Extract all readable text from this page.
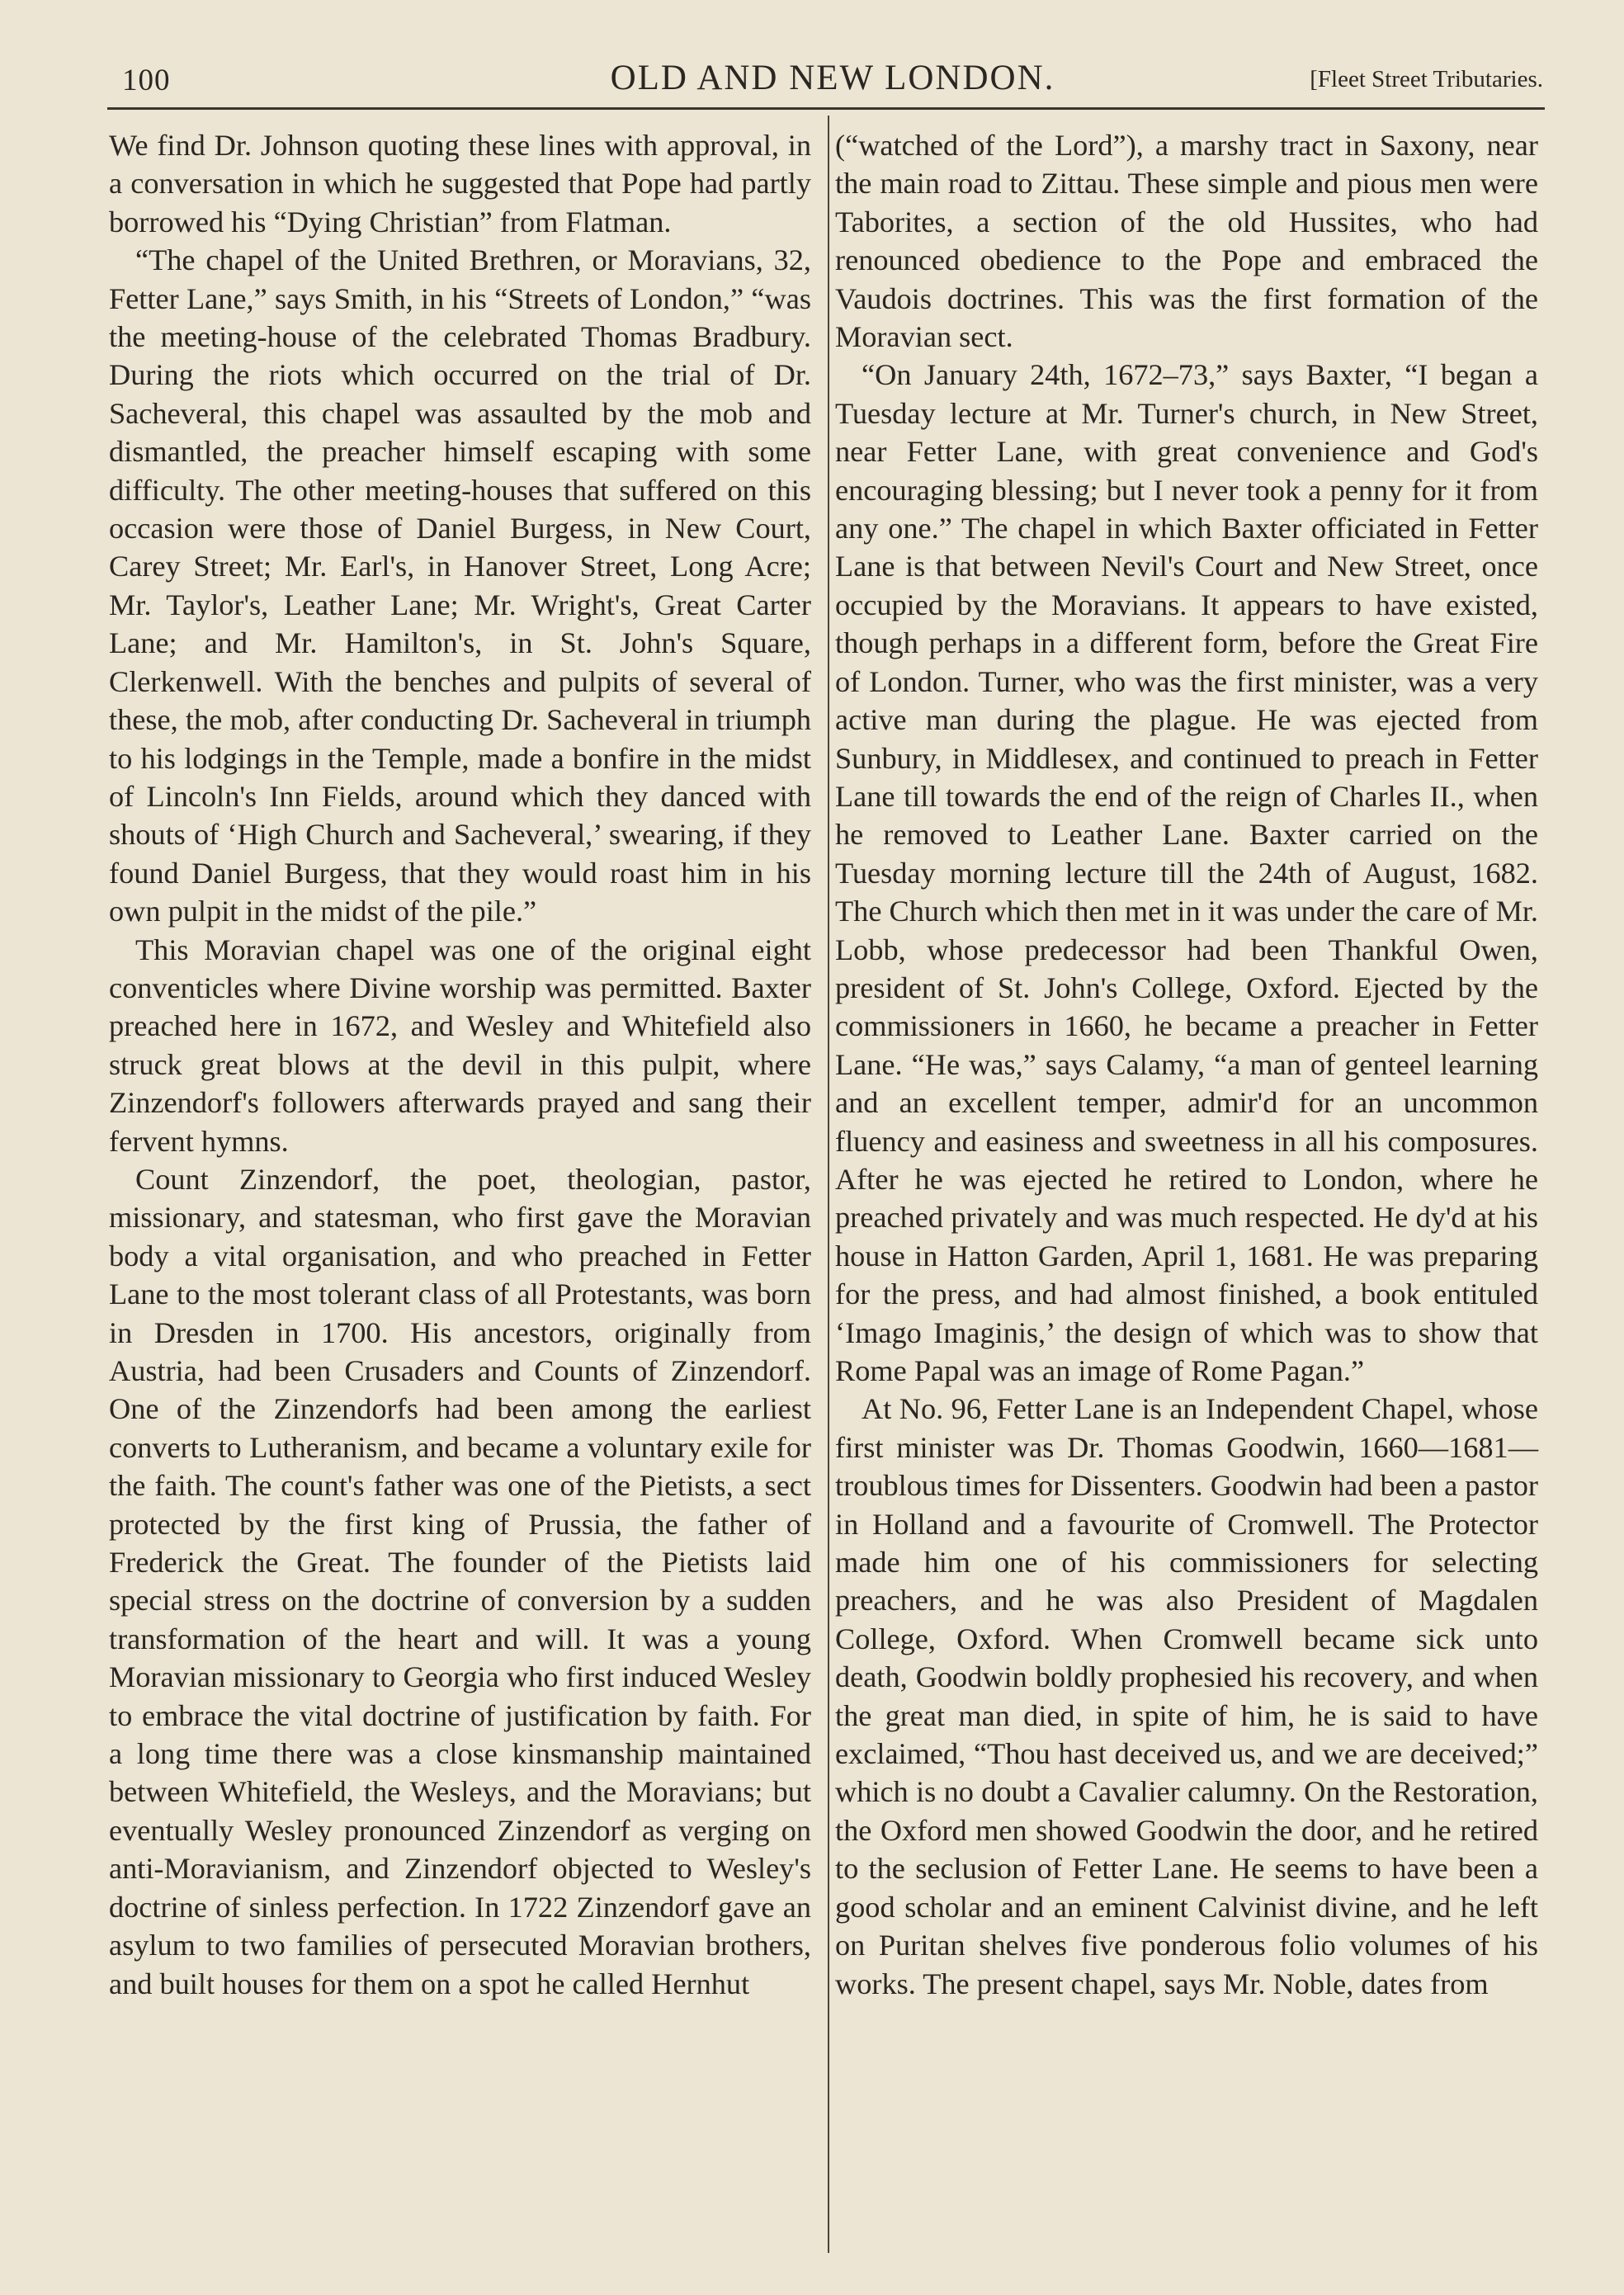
100	OLD AND NEW LONDON.	[Fleet Street Tributaries.

We find Dr. Johnson quoting these lines with approval, in a conversation in which he suggested that Pope had partly borrowed his “Dying Christian” from Flatman.

“The chapel of the United Brethren, or Moravians, 32, Fetter Lane,” says Smith, in his “Streets of London,” “was the meeting-house of the celebrated Thomas Bradbury. During the riots which occurred on the trial of Dr. Sacheveral, this chapel was assaulted by the mob and dismantled, the preacher himself escaping with some difficulty. The other meeting-houses that suffered on this occasion were those of Daniel Burgess, in New Court, Carey Street; Mr. Earl's, in Hanover Street, Long Acre; Mr. Taylor's, Leather Lane; Mr. Wright's, Great Carter Lane; and Mr. Hamilton's, in St. John's Square, Clerkenwell. With the benches and pulpits of several of these, the mob, after conducting Dr. Sacheveral in triumph to his lodgings in the Temple, made a bonfire in the midst of Lincoln's Inn Fields, around which they danced with shouts of ‘High Church and Sacheveral,’ swearing, if they found Daniel Burgess, that they would roast him in his own pulpit in the midst of the pile.”

This Moravian chapel was one of the original eight conventicles where Divine worship was permitted. Baxter preached here in 1672, and Wesley and Whitefield also struck great blows at the devil in this pulpit, where Zinzendorf's followers afterwards prayed and sang their fervent hymns.

Count Zinzendorf, the poet, theologian, pastor, missionary, and statesman, who first gave the Moravian body a vital organisation, and who preached in Fetter Lane to the most tolerant class of all Protestants, was born in Dresden in 1700. His ancestors, originally from Austria, had been Crusaders and Counts of Zinzendorf. One of the Zinzendorfs had been among the earliest converts to Lutheranism, and became a voluntary exile for the faith. The count's father was one of the Pietists, a sect protected by the first king of Prussia, the father of Frederick the Great. The founder of the Pietists laid special stress on the doctrine of conversion by a sudden transformation of the heart and will. It was a young Moravian missionary to Georgia who first induced Wesley to embrace the vital doctrine of justification by faith. For a long time there was a close kinsmanship maintained between Whitefield, the Wesleys, and the Moravians; but eventually Wesley pronounced Zinzendorf as verging on anti-Moravianism, and Zinzendorf objected to Wesley's doctrine of sinless perfection. In 1722 Zinzendorf gave an asylum to two families of persecuted Moravian brothers, and built houses for them on a spot he called Hernhut

(“watched of the Lord”), a marshy tract in Saxony, near the main road to Zittau. These simple and pious men were Taborites, a section of the old Hussites, who had renounced obedience to the Pope and embraced the Vaudois doctrines. This was the first formation of the Moravian sect.

“On January 24th, 1672–73,” says Baxter, “I began a Tuesday lecture at Mr. Turner's church, in New Street, near Fetter Lane, with great convenience and God's encouraging blessing; but I never took a penny for it from any one.” The chapel in which Baxter officiated in Fetter Lane is that between Nevil's Court and New Street, once occupied by the Moravians. It appears to have existed, though perhaps in a different form, before the Great Fire of London. Turner, who was the first minister, was a very active man during the plague. He was ejected from Sunbury, in Middlesex, and continued to preach in Fetter Lane till towards the end of the reign of Charles II., when he removed to Leather Lane. Baxter carried on the Tuesday morning lecture till the 24th of August, 1682. The Church which then met in it was under the care of Mr. Lobb, whose predecessor had been Thankful Owen, president of St. John's College, Oxford. Ejected by the commissioners in 1660, he became a preacher in Fetter Lane. “He was,” says Calamy, “a man of genteel learning and an excellent temper, admir'd for an uncommon fluency and easiness and sweetness in all his composures. After he was ejected he retired to London, where he preached privately and was much respected. He dy'd at his house in Hatton Garden, April 1, 1681. He was preparing for the press, and had almost finished, a book entituled ‘Imago Imaginis,’ the design of which was to show that Rome Papal was an image of Rome Pagan.”

At No. 96, Fetter Lane is an Independent Chapel, whose first minister was Dr. Thomas Goodwin, 1660—1681—troublous times for Dissenters. Goodwin had been a pastor in Holland and a favourite of Cromwell. The Protector made him one of his commissioners for selecting preachers, and he was also President of Magdalen College, Oxford. When Cromwell became sick unto death, Goodwin boldly prophesied his recovery, and when the great man died, in spite of him, he is said to have exclaimed, “Thou hast deceived us, and we are deceived;” which is no doubt a Cavalier calumny. On the Restoration, the Oxford men showed Goodwin the door, and he retired to the seclusion of Fetter Lane. He seems to have been a good scholar and an eminent Calvinist divine, and he left on Puritan shelves five ponderous folio volumes of his works. The present chapel, says Mr. Noble, dates from
